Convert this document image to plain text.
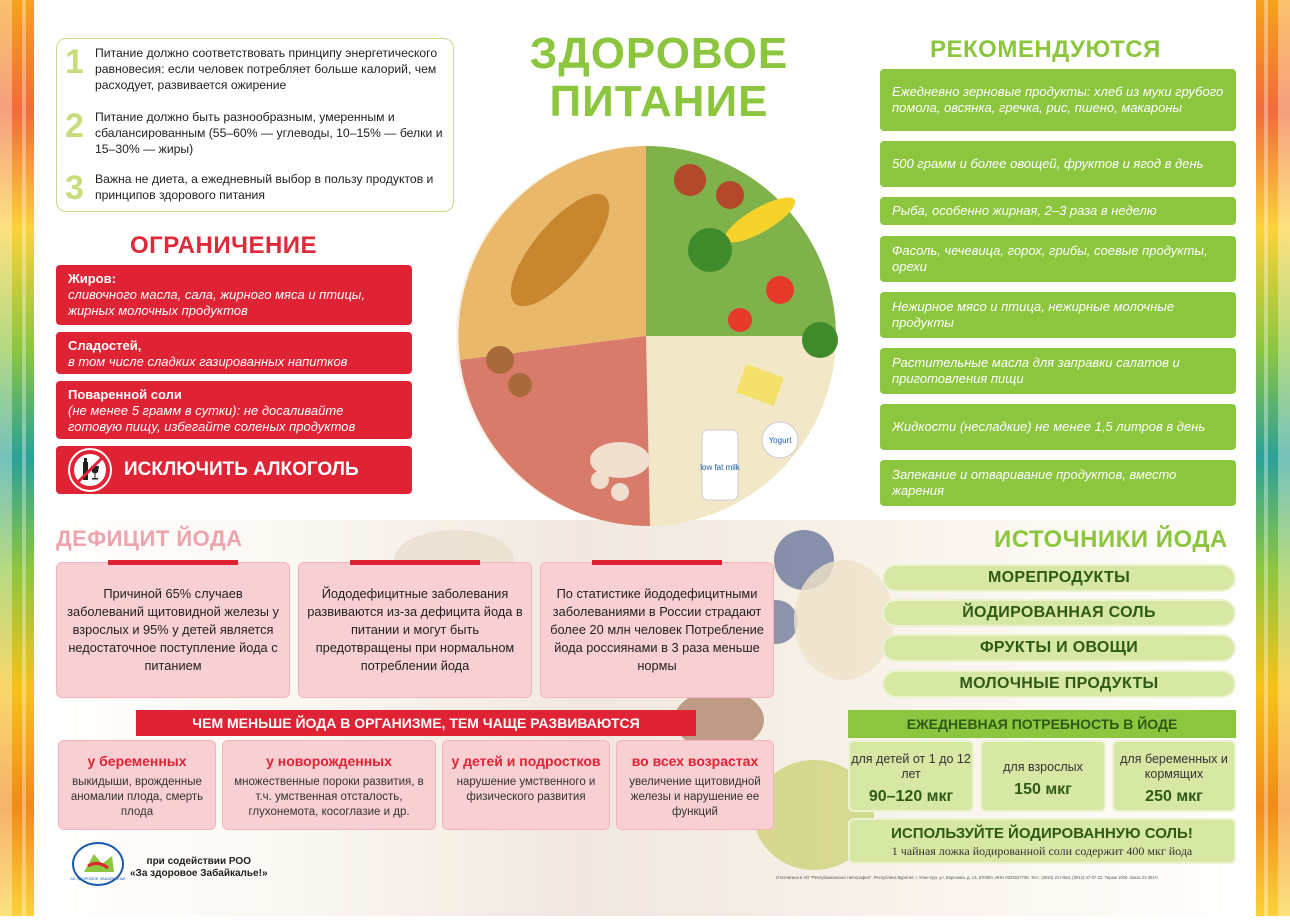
1 Питание должно соответствовать принципу энергетического равновесия: если человек потребляет больше калорий, чем расходует, развивается ожирение
2 Питание должно быть разнообразным, умеренным и сбалансированным (55–60% — углеводы, 10–15% — белки и 15–30% — жиры)
3 Важна не диета, а ежедневный выбор в пользу продуктов и принципов здорового питания
ЗДОРОВОЕ
ПИТАНИЕ
ОГРАНИЧЕНИЕ
Жиров:
сливочного масла, сала, жирного мяса и птицы, жирных молочных продуктов
Сладостей,
в том числе сладких газированных напитков
Поваренной соли
(не менее 5 грамм в сутки): не досаливайте готовую пищу, избегайте соленых продуктов
ИСКЛЮЧИТЬ АЛКОГОЛЬ	low fat milk
Yogurt
РЕКОМЕНДУЮТСЯ
Ежедневно зерновые продукты: хлеб из муки грубого помола, овсянка, гречка, рис, пшено, макароны
500 грамм и более овощей, фруктов и ягод в день
Рыба, особенно жирная, 2–3 раза в неделю
Фасоль, чечевица, горох, грибы, соевые продукты, орехи
Нежирное мясо и птица, нежирные молочные продукты
Растительные масла для заправки салатов и приготовления пищи
Жидкости (несладкие) не менее 1,5 литров в день
Запекание и отваривание продуктов, вместо жарения
ДЕФИЦИТ ЙОДА
Причиной 65% случаев заболеваний щитовидной железы у взрослых и 95% у детей является недостаточное поступление йода с питанием
Йододефицитные заболевания развиваются из-за дефицита йода в питании и могут быть предотвращены при нормальном потреблении йода
По статистике йододефицитными заболеваниями в России страдают более 20 млн человек Потребление йода россиянами в 3 раза меньше нормы
ЧЕМ МЕНЬШЕ ЙОДА В ОРГАНИЗМЕ, ТЕМ ЧАЩЕ РАЗВИВАЮТСЯ
у беременных
выкидыши, врожденные аномалии плода, смерть плода
у новорожденных
множественные пороки развития, в т.ч. умственная отсталость, глухонемота, косоглазие и др.
у детей и подростков
нарушение умственного и физического развития
во всех возрастах
увеличение щитовидной железы и нарушение ее функций
ИСТОЧНИКИ ЙОДА
МОРЕПРОДУКТЫ
ЙОДИРОВАННАЯ СОЛЬ
ФРУКТЫ И ОВОЩИ
МОЛОЧНЫЕ ПРОДУКТЫ
ЕЖЕДНЕВНАЯ ПОТРЕБНОСТЬ В ЙОДЕ
для детей от 1 до 12 лет
90–120 мкг
для взрослых
150 мкг
для беременных и кормящих
250 мкг
ИСПОЛЬЗУЙТЕ ЙОДИРОВАННУЮ СОЛЬ!
1 чайная ложка йодированной соли содержит 400 мкг йода
ЗА ЗДОРОВОЕ ЗАБАЙКАЛЬЕ
при содействии РОО
«За здоровое Забайкалье!»	Отпечатано в АО "Республиканская типография", Республика Бурятия, г. Улан-Удэ, ул. Борсоева, д. 13, 670000. ИНН 0323027736. Тел.: (3022) 217-654, (3012) 37-07-22. Тираж 1000. Заказ 21-351Ч.
